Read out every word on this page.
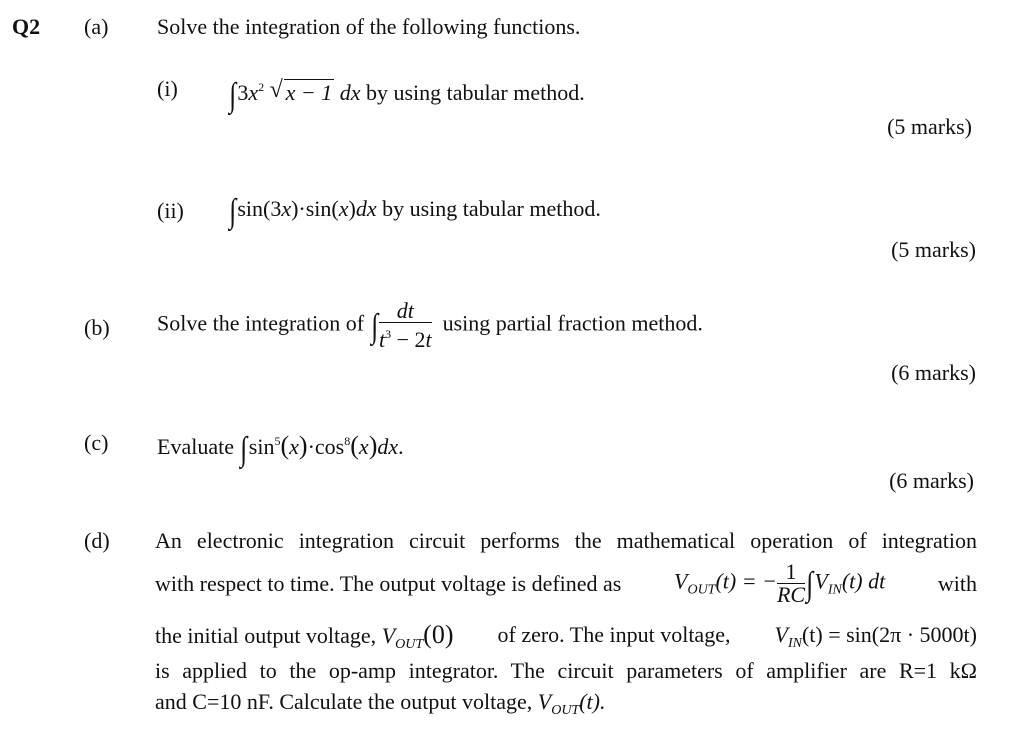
Q2 (a) Solve the integration of the following functions.
(i) $\int 3x^2$ √ x − 1 dx by using tabular method.
(5 marks)
(ii) ∫sin(3x)·sin(x)dx by using tabular method.
(5 marks)
(b) Solve the integration of ∫ $\frac{dt}{t^3 - 2t}$ using partial fraction method.
(6 marks)
(c) Evaluate $\int\sin^5(x)\cdot\cos^8(x)dx$.
(6 marks)
(d) An electronic integration circuit performs the mathematical operation of integration
with respect to time. The output voltage is defined as $V_{OUT}(t)$ = − $\frac{1}{RC} \int V_{IN}(t)$ dt with
the initial output voltage, $V_{OUT}(0)$ of zero. The input voltage, $V_{IN}(t) = \sin(2\pi \cdot 5000t)$
is applied to the op-amp integrator. The circuit parameters of amplifier are R=1 kΩ
and C=10 nF. Calculate the output voltage, $V_{OUT}(t)$.
